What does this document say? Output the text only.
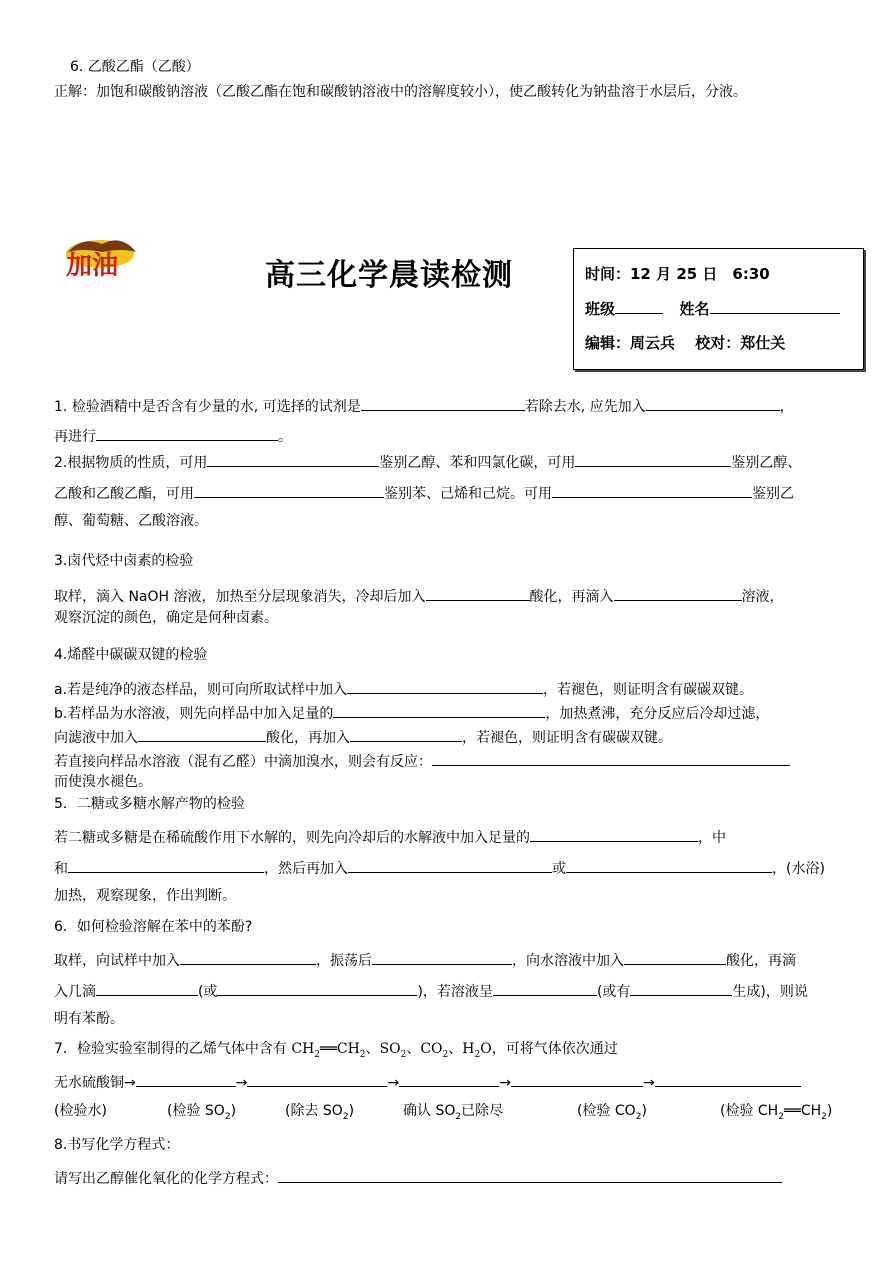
6. 乙酸乙酯（乙酸）
正解：加饱和碳酸钠溶液（乙酸乙酯在饱和碳酸钠溶液中的溶解度较小），使乙酸转化为钠盐溶于水层后，分液。
加油	高三化学晨读检测	时间：12 月 25 日　6:30
班级	姓名
编辑：周云兵　 校对：郑仕关
1. 检验酒精中是否含有少量的水, 可选择的试剂是	若除去水, 应先加入	，
再进行	。
2.根据物质的性质，可用	鉴别乙醇、苯和四氯化碳，可用	鉴别乙醇、
乙酸和乙酸乙酯，可用	鉴别苯、己烯和己烷。可用	鉴别乙
醇、葡萄糖、乙酸溶液。
3.卤代烃中卤素的检验
取样，滴入 NaOH 溶液，加热至分层现象消失，冷却后加入	酸化，再滴入	溶液，
观察沉淀的颜色，确定是何种卤素。
4.烯醛中碳碳双键的检验
a.若是纯净的液态样品，则可向所取试样中加入	，若褪色，则证明含有碳碳双键。
b.若样品为水溶液，则先向样品中加入足量的	，加热煮沸，充分反应后冷却过滤，
向滤液中加入	酸化，再加入	，若褪色，则证明含有碳碳双键。
若直接向样品水溶液（混有乙醛）中滴加溴水，则会有反应：
而使溴水褪色。
5．二糖或多糖水解产物的检验
若二糖或多糖是在稀硫酸作用下水解的，则先向冷却后的水解液中加入足量的	，中
和	，然后再加入	或	，(水浴)
加热，观察现象，作出判断。
6．如何检验溶解在苯中的苯酚?
取样，向试样中加入	，振荡后	，向水溶液中加入	酸化，再滴
入几滴	(或	)，若溶液呈	(或有	生成)，则说
明有苯酚。
7．检验实验室制得的乙烯气体中含有 $CH_2══CH_2$、$SO_2$、$CO_2$、$H_2O$，可将气体依次通过
无水硫酸铜→	→	→	→	→
(检验水)	(检验 $SO_2$)	(除去 $SO_2$)	确认 $SO_2$已除尽	(检验 $CO_2$)	(检验 $CH_2══CH_2$)
8.书写化学方程式：
请写出乙醇催化氧化的化学方程式：
